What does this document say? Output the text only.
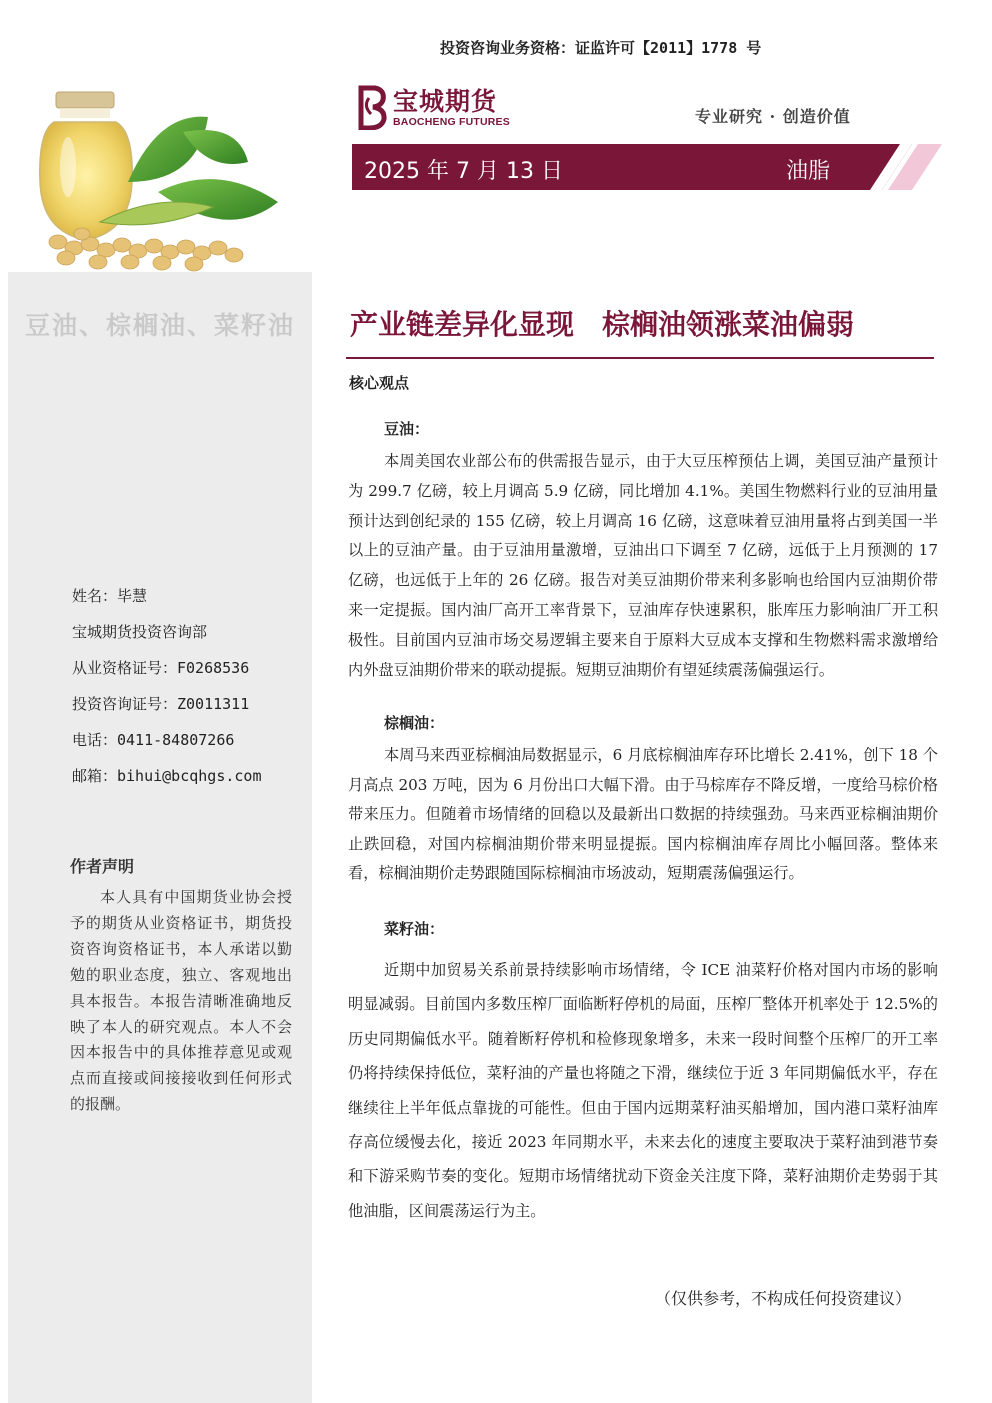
豆油、棕榈油、菜籽油
姓名：毕慧
宝城期货投资咨询部
从业资格证号：F0268536
投资咨询证号：Z0011311
电话：0411-84807266
邮箱：bihui@bcqhgs.com
作者声明
本人具有中国期货业协会授予的期货从业资格证书，期货投资咨询资格证书，本人承诺以勤勉的职业态度，独立、客观地出具本报告。本报告清晰准确地反映了本人的研究观点。本人不会因本报告中的具体推荐意见或观点而直接或间接接收到任何形式的报酬。
投资咨询业务资格：证监许可【2011】1778 号
宝城期货
BAOCHENG FUTURES	专业研究 · 创造价值
2025 年 7 月 13 日	油脂
产业链差异化显现　棕榈油领涨菜油偏弱
核心观点
豆油：

本周美国农业部公布的供需报告显示，由于大豆压榨预估上调，美国豆油产量预计为 299.7 亿磅，较上月调高 5.9 亿磅，同比增加 4.1%。美国生物燃料行业的豆油用量预计达到创纪录的 155 亿磅，较上月调高 16 亿磅，这意味着豆油用量将占到美国一半以上的豆油产量。由于豆油用量激增，豆油出口下调至 7 亿磅，远低于上月预测的 17 亿磅，也远低于上年的 26 亿磅。报告对美豆油期价带来利多影响也给国内豆油期价带来一定提振。国内油厂高开工率背景下，豆油库存快速累积，胀库压力影响油厂开工积极性。目前国内豆油市场交易逻辑主要来自于原料大豆成本支撑和生物燃料需求激增给内外盘豆油期价带来的联动提振。短期豆油期价有望延续震荡偏强运行。

棕榈油：

本周马来西亚棕榈油局数据显示，6 月底棕榈油库存环比增长 2.41%，创下 18 个月高点 203 万吨，因为 6 月份出口大幅下滑。由于马棕库存不降反增，一度给马棕价格带来压力。但随着市场情绪的回稳以及最新出口数据的持续强劲。马来西亚棕榈油期价止跌回稳，对国内棕榈油期价带来明显提振。国内棕榈油库存周比小幅回落。整体来看，棕榈油期价走势跟随国际棕榈油市场波动，短期震荡偏强运行。

菜籽油：

近期中加贸易关系前景持续影响市场情绪，令 ICE 油菜籽价格对国内市场的影响明显减弱。目前国内多数压榨厂面临断籽停机的局面，压榨厂整体开机率处于 12.5%的历史同期偏低水平。随着断籽停机和检修现象增多，未来一段时间整个压榨厂的开工率仍将持续保持低位，菜籽油的产量也将随之下滑，继续位于近 3 年同期偏低水平，存在继续往上半年低点靠拢的可能性。但由于国内远期菜籽油买船增加，国内港口菜籽油库存高位缓慢去化，接近 2023 年同期水平，未来去化的速度主要取决于菜籽油到港节奏和下游采购节奏的变化。短期市场情绪扰动下资金关注度下降，菜籽油期价走势弱于其他油脂，区间震荡运行为主。

（仅供参考，不构成任何投资建议）
